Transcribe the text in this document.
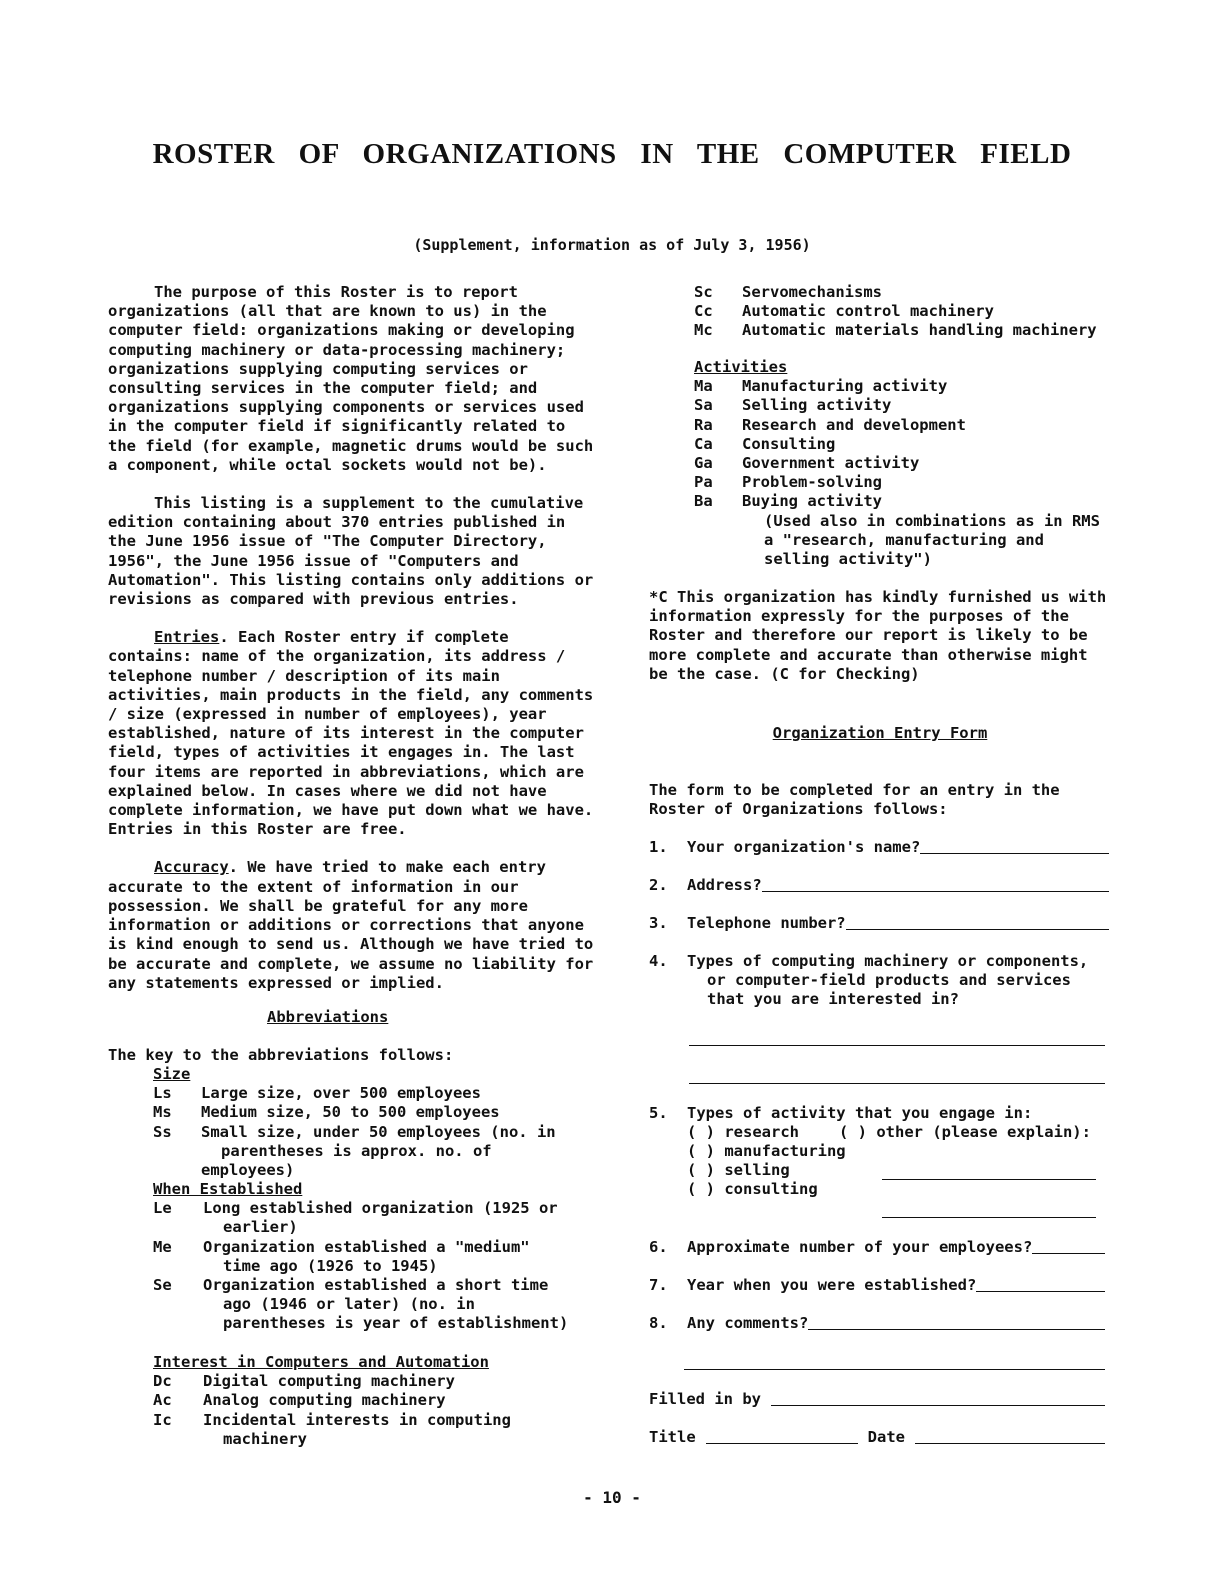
ROSTER OF ORGANIZATIONS IN THE COMPUTER FIELD
(Supplement, information as of July 3, 1956)

The purpose of this Roster is to report organizations (all that are known to us) in the computer field: organizations making or developing computing machinery or data-processing machinery; organizations supplying computing services or consulting services in the computer field; and organizations supplying components or services used in the computer field if significantly related to the field (for example, magnetic drums would be such a component, while octal sockets would not be).

This listing is a supplement to the cumulative edition containing about 370 entries published in the June 1956 issue of "The Computer Directory, 1956", the June 1956 issue of "Computers and Automation". This listing contains only additions or revisions as compared with previous entries.

Entries. Each Roster entry if complete contains: name of the organization, its address / telephone number / description of its main activities, main products in the field, any comments / size (expressed in number of employees), year established, nature of its interest in the computer field, types of activities it engages in. The last four items are reported in abbreviations, which are explained below. In cases where we did not have complete information, we have put down what we have. Entries in this Roster are free.

Accuracy. We have tried to make each entry accurate to the extent of information in our possession. We shall be grateful for any more information or additions or corrections that anyone is kind enough to send us. Although we have tried to be accurate and complete, we assume no liability for any statements expressed or implied.

Abbreviations
The key to the abbreviations follows:
Size
Ls	Large size, over 500 employees
Ms	Medium size, 50 to 500 employees
Ss	Small size, under 50 employees (no. in
parentheses is approx. no. of employees)
When Established
Le	Long established organization (1925 or
earlier)
Me	Organization established a "medium"
time ago (1926 to 1945)
Se	Organization established a short time

ago (1946 or later) (no. in parentheses is year of establishment)
Interest in Computers and Automation
Dc	Digital computing machinery
Ac	Analog computing machinery
Ic	Incidental interests in computing
machinery
Sc	Servomechanisms
Cc	Automatic control machinery
Mc	Automatic materials handling machinery
Activities
Ma	Manufacturing activity
Sa	Selling activity
Ra	Research and development
Ca	Consulting
Ga	Government activity
Pa	Problem-solving
Ba	Buying activity
(Used also in combinations as in RMS a "research, manufacturing and selling activity")
*C This organization has kindly furnished us with information expressly for the purposes of the Roster and therefore our report is likely to be more complete and accurate than otherwise might be the case. (C for Checking)
Organization Entry Form
The form to be completed for an entry in the Roster of Organizations follows:
1.	Your organization's name?
2.	Address?
3.	Telephone number?
4.	Types of computing machinery or components,
or computer-field products and services that you are interested in?
5.	Types of activity that you engage in:
( ) research	( ) other (please explain):
( ) manufacturing
( ) selling
( ) consulting
6.	Approximate number of your employees?
7.	Year when you were established?
8.	Any comments?
Filled in by
Title	Date
- 10 -
